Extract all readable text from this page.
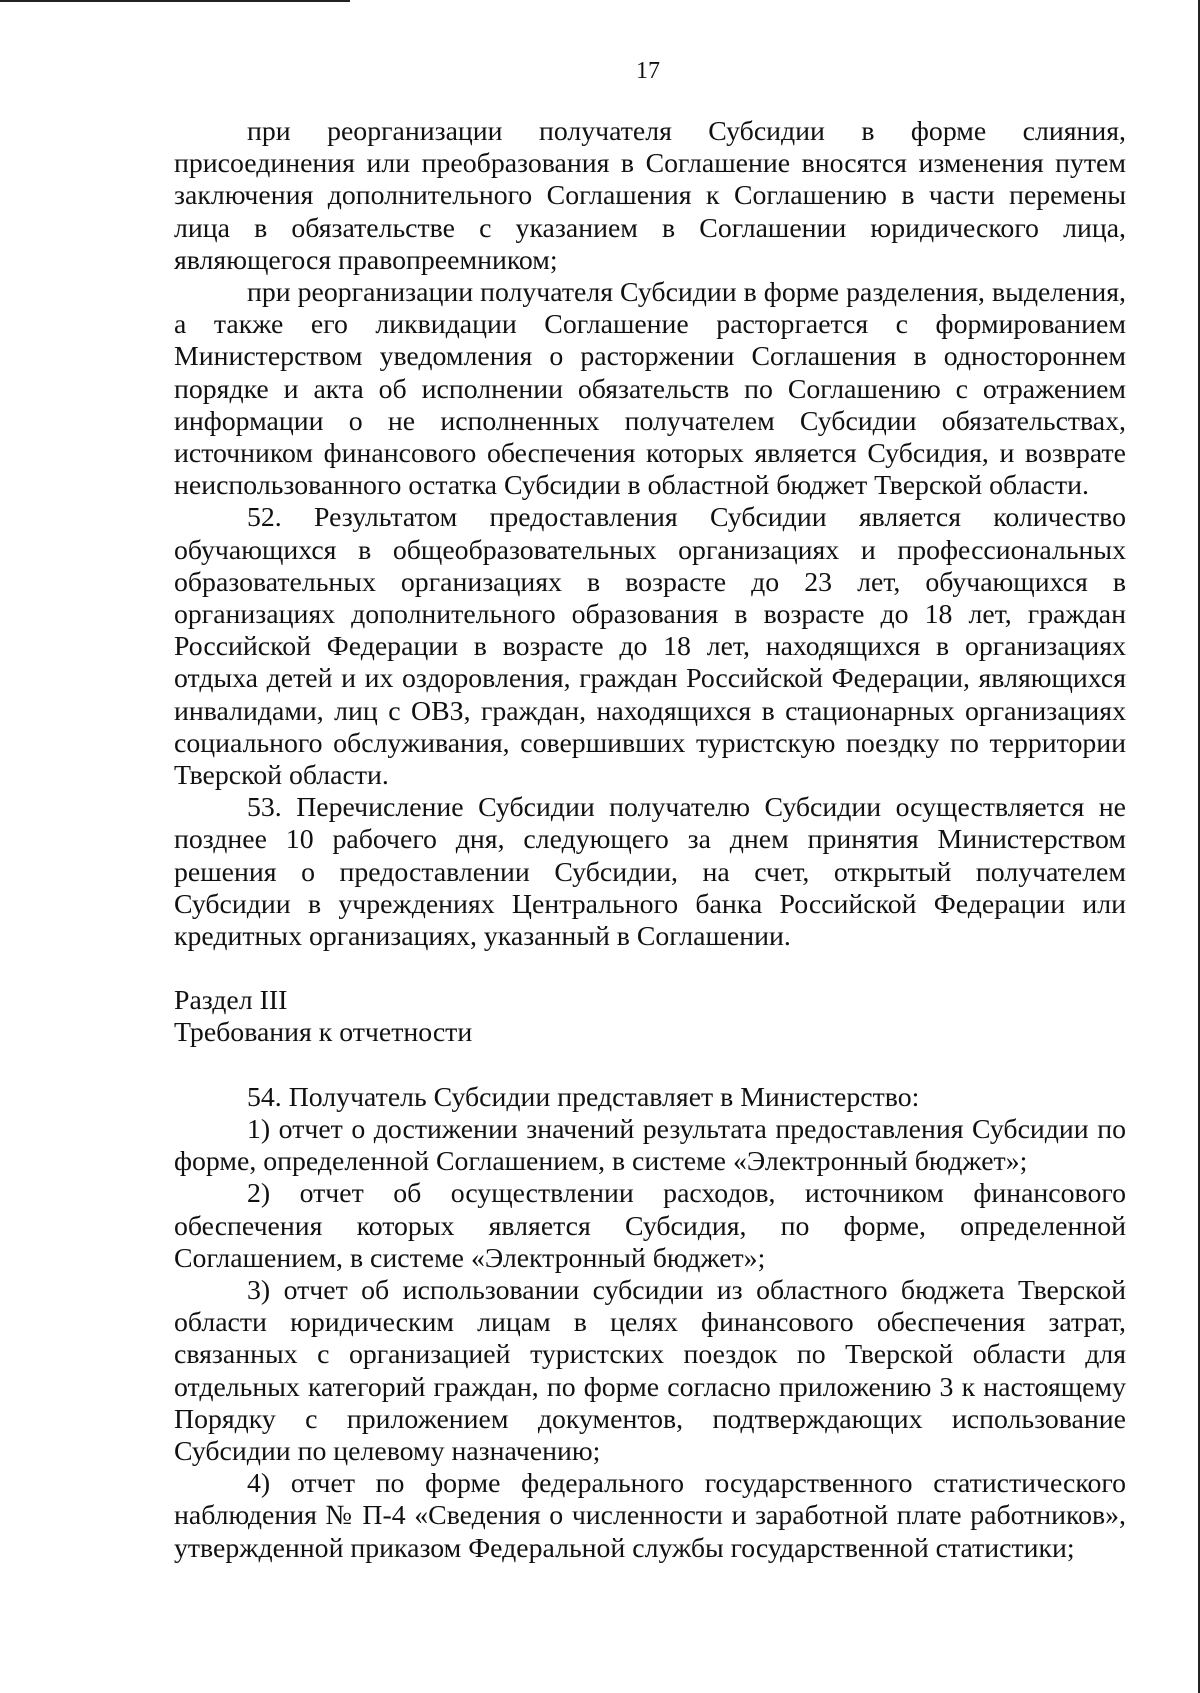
17

при реорганизации получателя Субсидии в форме слияния, присоединения или преобразования в Соглашение вносятся изменения путем заключения дополнительного Соглашения к Соглашению в части перемены лица в обязательстве с указанием в Соглашении юридического лица, являющегося правопреемником;

при реорганизации получателя Субсидии в форме разделения, выделения, а также его ликвидации Соглашение расторгается с формированием Министерством уведомления о расторжении Соглашения в одностороннем порядке и акта об исполнении обязательств по Соглашению с отражением информации о не исполненных получателем Субсидии обязательствах, источником финансового обеспечения которых является Субсидия, и возврате неиспользованного остатка Субсидии в областной бюджет Тверской области.

52. Результатом предоставления Субсидии является количество обучающихся в общеобразовательных организациях и профессиональных образовательных организациях в возрасте до 23 лет, обучающихся в организациях дополнительного образования в возрасте до 18 лет, граждан Российской Федерации в возрасте до 18 лет, находящихся в организациях отдыха детей и их оздоровления, граждан Российской Федерации, являющихся инвалидами, лиц с ОВЗ, граждан, находящихся в стационарных организациях социального обслуживания, совершивших туристскую поездку по территории Тверской области.

53. Перечисление Субсидии получателю Субсидии осуществляется не позднее 10 рабочего дня, следующего за днем принятия Министерством решения о предоставлении Субсидии, на счет, открытый получателем Субсидии в учреждениях Центрального банка Российской Федерации или кредитных организациях, указанный в Соглашении.

Раздел III

Требования к отчетности

54. Получатель Субсидии представляет в Министерство:

1) отчет о достижении значений результата предоставления Субсидии по форме, определенной Соглашением, в системе «Электронный бюджет»;

2) отчет об осуществлении расходов, источником финансового обеспечения которых является Субсидия, по форме, определенной Соглашением, в системе «Электронный бюджет»;

3) отчет об использовании субсидии из областного бюджета Тверской области юридическим лицам в целях финансового обеспечения затрат, связанных с организацией туристских поездок по Тверской области для отдельных категорий граждан, по форме согласно приложению 3 к настоящему Порядку с приложением документов, подтверждающих использование Субсидии по целевому назначению;

4) отчет по форме федерального государственного статистического наблюдения № П-4 «Сведения о численности и заработной плате работников», утвержденной приказом Федеральной службы государственной статистики;
